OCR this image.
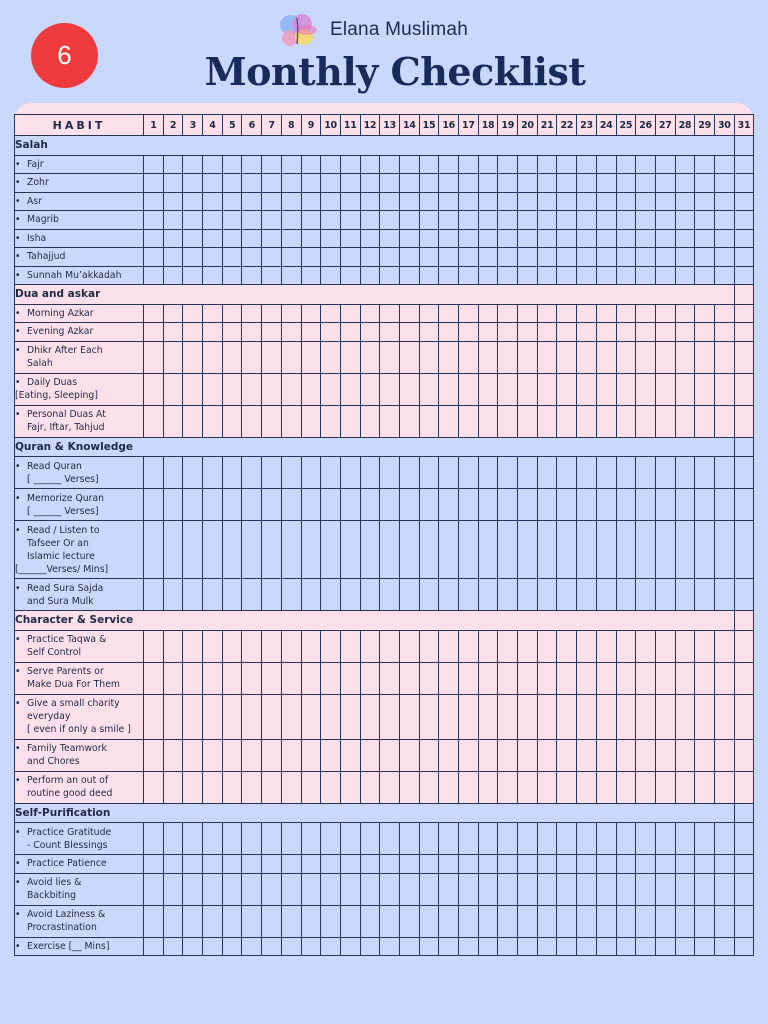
6
Elana Muslimah
Monthly Checklist
HABIT	1	2	3	4	5	6	7	8	9	10	11	12	13	14	15	16	17	18	19	20	21	22	23	24	25	26	27	28	29	30	31
Salah																															
• Fajr																															
• Zohr																															
• Asr																															
• Magrib																															
• Isha																															
• Tahajjud																															
• Sunnah Mu’akkadah																															
Dua and askar																															
• Morning Azkar																															
• Evening Azkar																															
• Dhikr After Each
Salah																															
• Daily Duas
[Eating, Sleeping]																															
• Personal Duas At
Fajr, Iftar, Tahjud																															
Quran & Knowledge																															
• Read Quran
[ ______ Verses]																															
• Memorize Quran
[ ______ Verses]																															
• Read / Listen to
Tafseer Or an
Islamic lecture
[______Verses/ Mins]																															
• Read Sura Sajda
and Sura Mulk																															
Character & Service																															
• Practice Taqwa &
Self Control																															
• Serve Parents or
Make Dua For Them																															
• Give a small charity
everyday
[ even if only a smile ]																															
• Family Teamwork
and Chores																															
• Perform an out of
routine good deed																															
Self-Purification																															
• Practice Gratitude
- Count Blessings																															
• Practice Patience																															
• Avoid lies &
Backbiting																															
• Avoid Laziness &
Procrastination																															
• Exercise [__ Mins]																															
